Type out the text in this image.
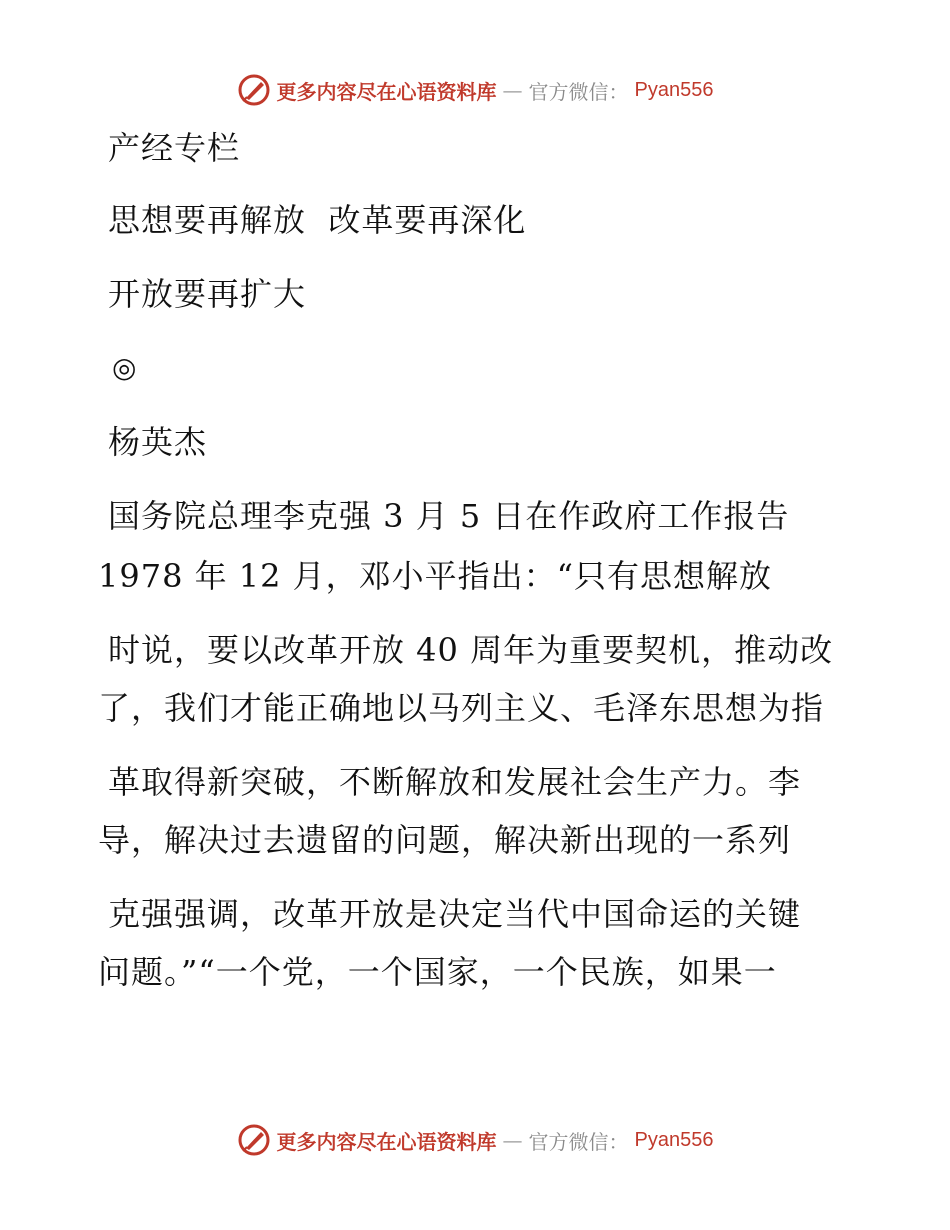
更多内容尽在心语资料库 — 官方微信： Pyan556
产经专栏
思想要再解放  改革要再深化
开放要再扩大
◎
杨英杰
国务院总理李克强 3 月 5 日在作政府工作报告
1978 年 12 月，邓小平指出：“只有思想解放
时说，要以改革开放 40 周年为重要契机，推动改
了，我们才能正确地以马列主义、毛泽东思想为指
革取得新突破，不断解放和发展社会生产力。李
导，解决过去遗留的问题，解决新出现的一系列
克强强调，改革开放是决定当代中国命运的关键
问题。”“一个党，一个国家，一个民族，如果一
更多内容尽在心语资料库 — 官方微信： Pyan556
